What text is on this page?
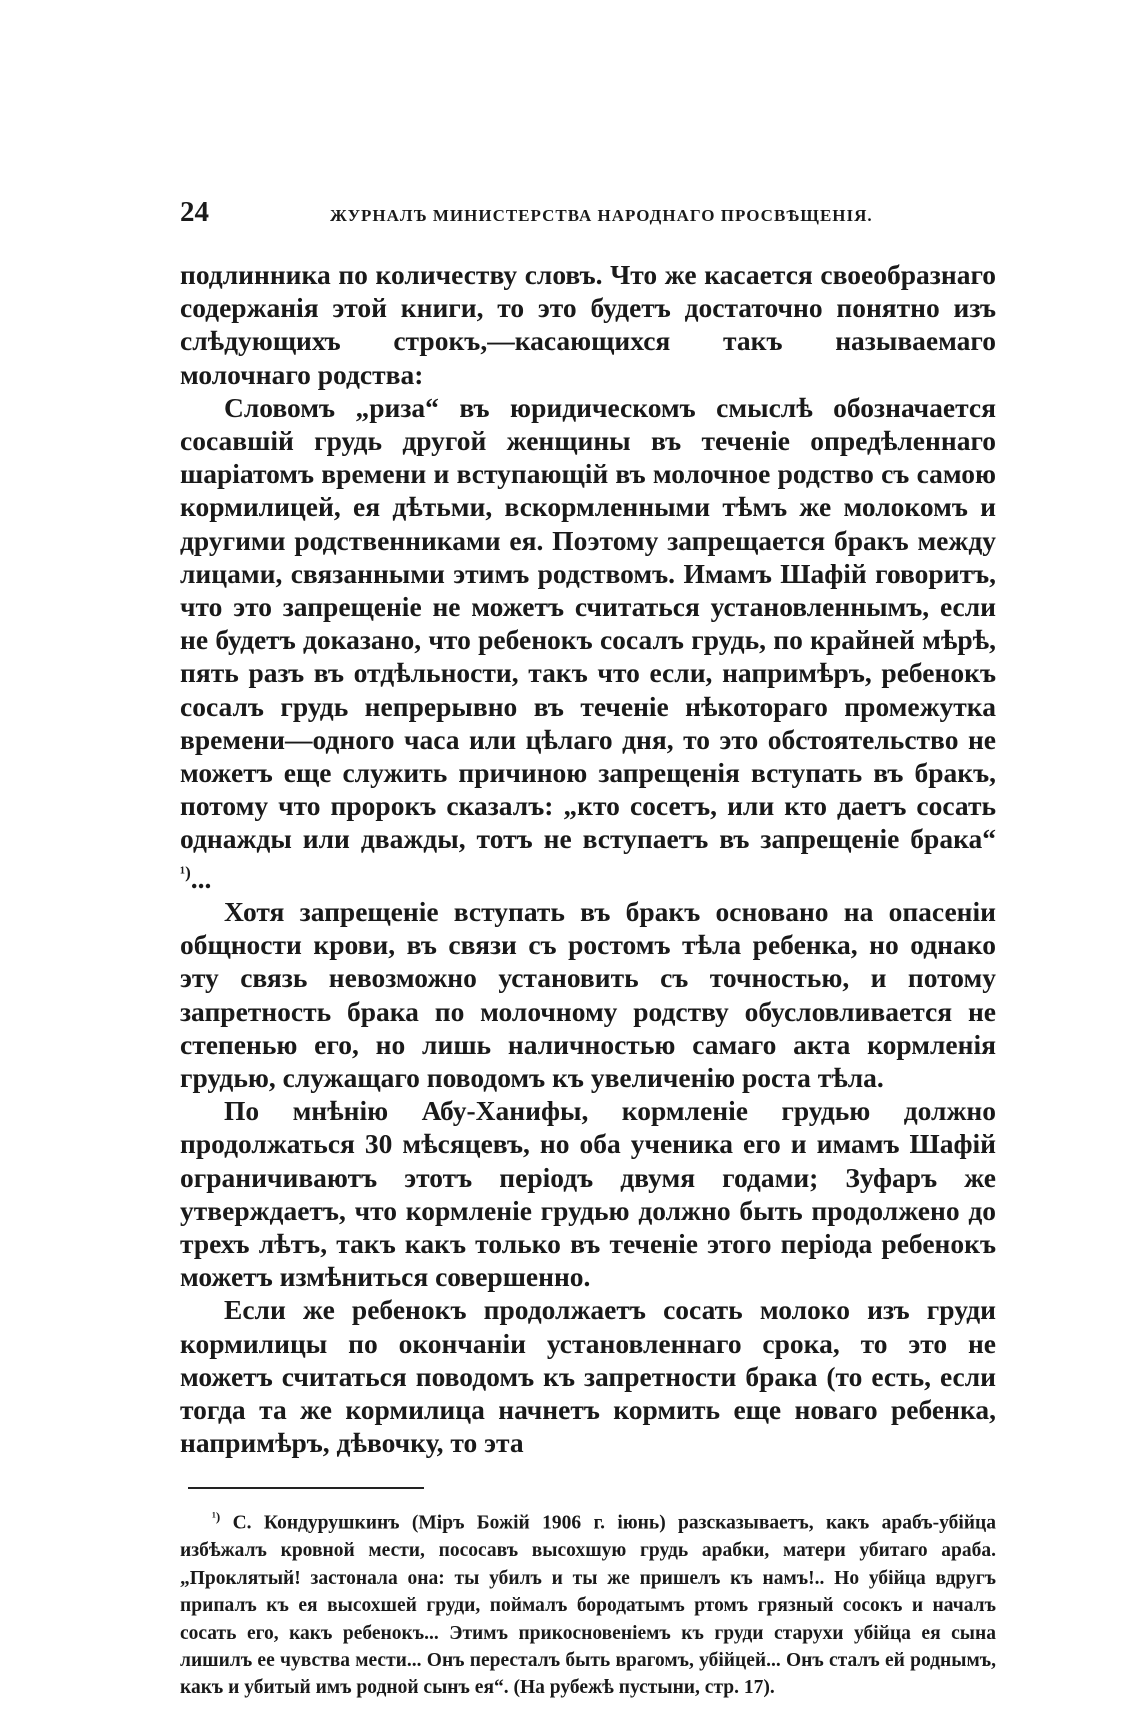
24	ЖУРНАЛЪ МИНИСТЕРСТВА НАРОДНАГО ПРОСВѢЩЕНІЯ.

подлинника по количеству словъ. Что же касается своеобразнаго содержанія этой книги, то это будетъ достаточно понятно изъ слѣдующихъ строкъ,—касающихся такъ называемаго молочнаго родства:

Словомъ „риза“ въ юридическомъ смыслѣ обозначается сосавшій грудь другой женщины въ теченіе опредѣленнаго шаріатомъ времени и вступающій въ молочное родство съ самою кормилицей, ея дѣтьми, вскормленными тѣмъ же молокомъ и другими родственниками ея. Поэтому запрещается бракъ между лицами, связанными этимъ родствомъ. Имамъ Шафій говоритъ, что это запрещеніе не можетъ считаться установленнымъ, если не будетъ доказано, что ребенокъ сосалъ грудь, по крайней мѣрѣ, пять разъ въ отдѣльности, такъ что если, напримѣръ, ребенокъ сосалъ грудь непрерывно въ теченіе нѣкотораго промежутка времени—одного часа или цѣлаго дня, то это обстоятельство не можетъ еще служить причиною запрещенія вступать въ бракъ, потому что пророкъ сказалъ: „кто сосетъ, или кто даетъ сосать однажды или дважды, тотъ не вступаетъ въ запрещеніе брака“ $^{^1)}$...

Хотя запрещеніе вступать въ бракъ основано на опасеніи общности крови, въ связи съ ростомъ тѣла ребенка, но однако эту связь невозможно установить съ точностью, и потому запретность брака по молочному родству обусловливается не степенью его, но лишь наличностью самаго акта кормленія грудью, служащаго поводомъ къ увеличенію роста тѣла.

По мнѣнію Абу-Ханифы, кормленіе грудью должно продолжаться 30 мѣсяцевъ, но оба ученика его и имамъ Шафій ограничиваютъ этотъ періодъ двумя годами; Зуфаръ же утверждаетъ, что кормленіе грудью должно быть продолжено до трехъ лѣтъ, такъ какъ только въ теченіе этого періода ребенокъ можетъ измѣниться совершенно.

Если же ребенокъ продолжаетъ сосать молоко изъ груди кормилицы по окончаніи установленнаго срока, то это не можетъ считаться поводомъ къ запретности брака (то есть, если тогда та же кормилица начнетъ кормить еще новаго ребенка, напримѣръ, дѣвочку, то эта

$^{^1)}$ С. Кондурушкинъ (Міръ Божій 1906 г. іюнь) разсказываетъ, какъ арабъ-убійца избѣжалъ кровной мести, пососавъ высохшую грудь арабки, матери убитаго араба. „Проклятый! застонала она: ты убилъ и ты же пришелъ къ намъ!.. Но убійца вдругъ припалъ къ ея высохшей груди, поймалъ бородатымъ ртомъ грязный сосокъ и началъ сосать его, какъ ребенокъ... Этимъ прикосновеніемъ къ груди старухи убійца ея сына лишилъ ее чувства мести... Онъ пересталъ быть врагомъ, убійцей... Онъ сталъ ей роднымъ, какъ и убитый имъ родной сынъ ея“. (На рубежѣ пустыни, стр. 17).
